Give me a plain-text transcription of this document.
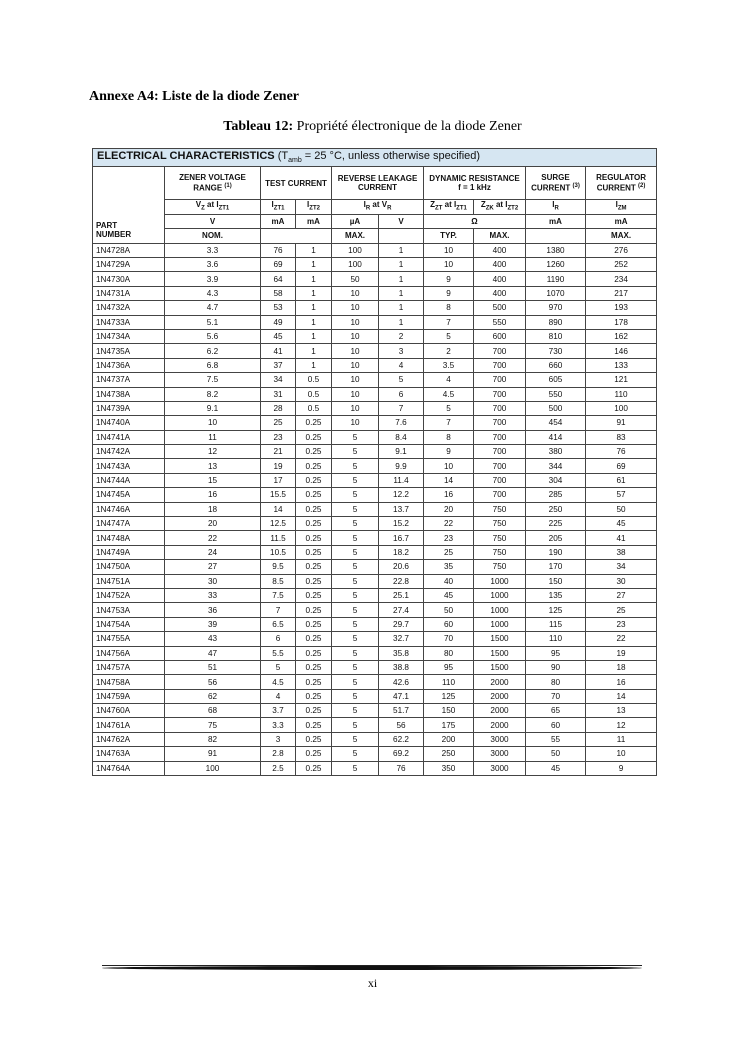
Annexe A4: Liste de la diode Zener

Tableau 12: Propriété électronique de la diode Zener

ELECTRICAL CHARACTERISTICS ($T_{amb} = 25$ °C, unless otherwise specified)									
PART
NUMBER	ZENER VOLTAGE RANGE $^{(1)}$	TEST CURRENT		REVERSE LEAKAGE CURRENT		DYNAMIC RESISTANCE
f = 1 kHz		SURGE CURRENT $^{(3)}$	REGULATOR CURRENT $^{(2)}$
	$V_Z$ at $I_{ZT1}$	$I_{ZT1}$	$I_{ZT2}$	$I_R$ at $V_R$		$Z_{ZT}$ at $I_{ZT1}$	$Z_{ZK}$ at $I_{ZT2}$	$I_R$	$I_{ZM}$
	V	mA	mA	µA	V	Ω		mA	mA
	NOM.			MAX.		TYP.	MAX.		MAX.
1N4728A	3.3	76	1	100	1	10	400	1380	276
1N4729A	3.6	69	1	100	1	10	400	1260	252
1N4730A	3.9	64	1	50	1	9	400	1190	234
1N4731A	4.3	58	1	10	1	9	400	1070	217
1N4732A	4.7	53	1	10	1	8	500	970	193
1N4733A	5.1	49	1	10	1	7	550	890	178
1N4734A	5.6	45	1	10	2	5	600	810	162
1N4735A	6.2	41	1	10	3	2	700	730	146
1N4736A	6.8	37	1	10	4	3.5	700	660	133
1N4737A	7.5	34	0.5	10	5	4	700	605	121
1N4738A	8.2	31	0.5	10	6	4.5	700	550	110
1N4739A	9.1	28	0.5	10	7	5	700	500	100
1N4740A	10	25	0.25	10	7.6	7	700	454	91
1N4741A	11	23	0.25	5	8.4	8	700	414	83
1N4742A	12	21	0.25	5	9.1	9	700	380	76
1N4743A	13	19	0.25	5	9.9	10	700	344	69
1N4744A	15	17	0.25	5	11.4	14	700	304	61
1N4745A	16	15.5	0.25	5	12.2	16	700	285	57
1N4746A	18	14	0.25	5	13.7	20	750	250	50
1N4747A	20	12.5	0.25	5	15.2	22	750	225	45
1N4748A	22	11.5	0.25	5	16.7	23	750	205	41
1N4749A	24	10.5	0.25	5	18.2	25	750	190	38
1N4750A	27	9.5	0.25	5	20.6	35	750	170	34
1N4751A	30	8.5	0.25	5	22.8	40	1000	150	30
1N4752A	33	7.5	0.25	5	25.1	45	1000	135	27
1N4753A	36	7	0.25	5	27.4	50	1000	125	25
1N4754A	39	6.5	0.25	5	29.7	60	1000	115	23
1N4755A	43	6	0.25	5	32.7	70	1500	110	22
1N4756A	47	5.5	0.25	5	35.8	80	1500	95	19
1N4757A	51	5	0.25	5	38.8	95	1500	90	18
1N4758A	56	4.5	0.25	5	42.6	110	2000	80	16
1N4759A	62	4	0.25	5	47.1	125	2000	70	14
1N4760A	68	3.7	0.25	5	51.7	150	2000	65	13
1N4761A	75	3.3	0.25	5	56	175	2000	60	12
1N4762A	82	3	0.25	5	62.2	200	3000	55	11
1N4763A	91	2.8	0.25	5	69.2	250	3000	50	10
1N4764A	100	2.5	0.25	5	76	350	3000	45	9
xi
